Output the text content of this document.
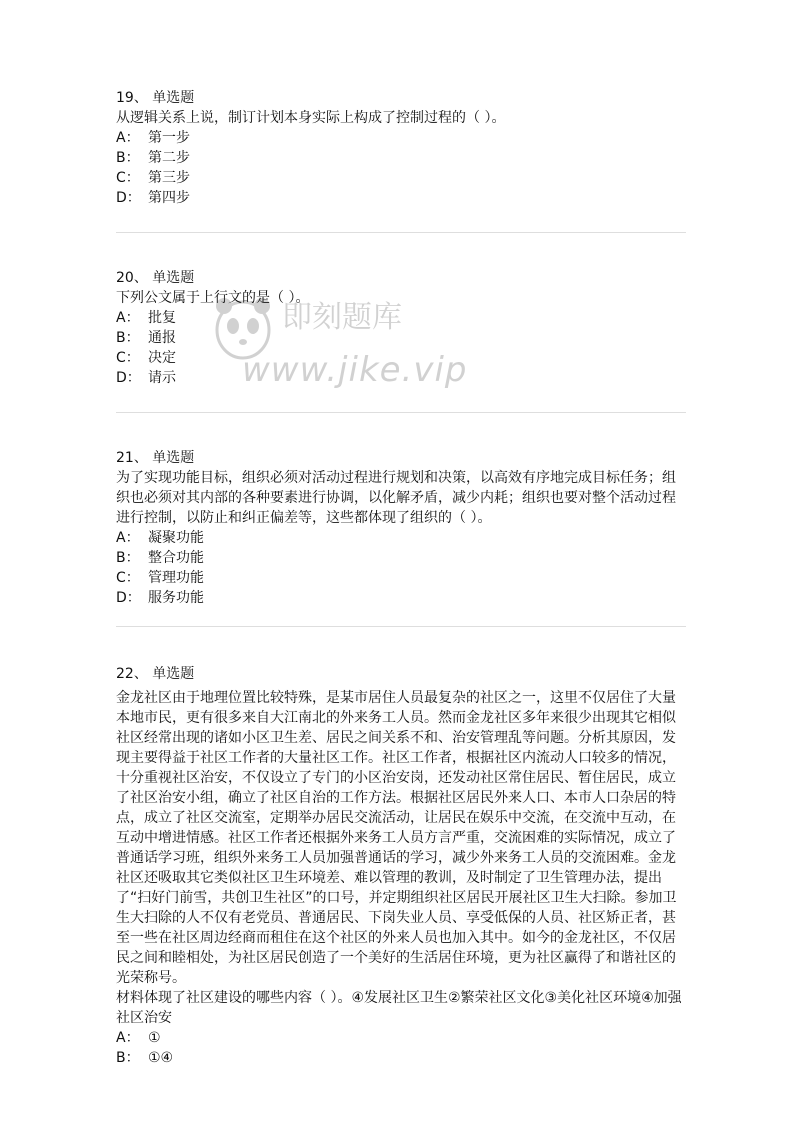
19、 单选题

从逻辑关系上说，制订计划本身实际上构成了控制过程的（ ）。

A： 第一步

B： 第二步

C： 第三步

D： 第四步

20、 单选题

下列公文属于上行文的是（ ）。

A： 批复

B： 通报

C： 决定

D： 请示

21、 单选题

为了实现功能目标，组织必须对活动过程进行规划和决策，以高效有序地完成目标任务；组织也必须对其内部的各种要素进行协调，以化解矛盾，减少内耗；组织也要对整个活动过程进行控制，以防止和纠正偏差等，这些都体现了组织的（ ）。

A： 凝聚功能

B： 整合功能

C： 管理功能

D： 服务功能

22、 单选题

金龙社区由于地理位置比较特殊，是某市居住人员最复杂的社区之一，这里不仅居住了大量本地市民，更有很多来自大江南北的外来务工人员。然而金龙社区多年来很少出现其它相似社区经常出现的诸如小区卫生差、居民之间关系不和、治安管理乱等问题。分析其原因，发现主要得益于社区工作者的大量社区工作。社区工作者，根据社区内流动人口较多的情况，十分重视社区治安，不仅设立了专门的小区治安岗，还发动社区常住居民、暂住居民，成立了社区治安小组，确立了社区自治的工作方法。根据社区居民外来人口、本市人口杂居的特点，成立了社区交流室，定期举办居民交流活动，让居民在娱乐中交流，在交流中互动，在互动中增进情感。社区工作者还根据外来务工人员方言严重，交流困难的实际情况，成立了普通话学习班，组织外来务工人员加强普通话的学习，减少外来务工人员的交流困难。金龙社区还吸取其它类似社区卫生环境差、难以管理的教训，及时制定了卫生管理办法，提出了“扫好门前雪，共创卫生社区”的口号，并定期组织社区居民开展社区卫生大扫除。参加卫生大扫除的人不仅有老党员、普通居民、下岗失业人员、享受低保的人员、社区矫正者，甚至一些在社区周边经商而租住在这个社区的外来人员也加入其中。如今的金龙社区，不仅居民之间和睦相处，为社区居民创造了一个美好的生活居住环境，更为社区赢得了和谐社区的光荣称号。

材料体现了社区建设的哪些内容（ ）。④发展社区卫生②繁荣社区文化③美化社区环境④加强社区治安

A： ①

B： ①④

即刻题库
www.jike.vip
